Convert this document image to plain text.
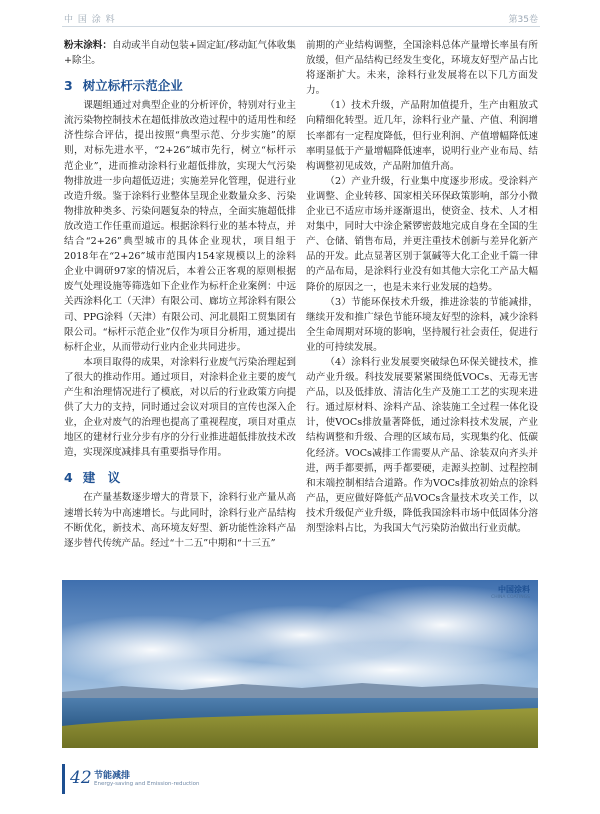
中 国 涂 料	第35卷

粉末涂料：自动或半自动包装+固定缸/移动缸气体收集+除尘。

3 树立标杆示范企业

课题组通过对典型企业的分析评价，特别对行业主流污染物控制技术在超低排放改造过程中的适用性和经济性综合评估，提出按照“典型示范、分步实施”的原则，对标先进水平，“2+26”城市先行，树立“标杆示范企业”，进而推动涂料行业超低排放，实现大气污染物排放进一步向超低迈进；实施差异化管理，促进行业改造升级。鉴于涂料行业整体呈现企业数量众多、污染物排放种类多、污染问题复杂的特点，全面实施超低排放改造工作任重而道远。根据涂料行业的基本特点，并结合“2+26”典型城市的具体企业现状，项目组于2018年在“2+26”城市范围内154家规模以上的涂料企业中调研97家的情况后，本着公正客观的原则根据废气处理设施等筛选如下企业作为标杆企业案例：中远关西涂料化工（天津）有限公司、廊坊立邦涂料有限公司、PPG涂料（天津）有限公司、河北晨阳工贸集团有限公司。“标杆示范企业”仅作为项目分析用，通过提出标杆企业，从而带动行业内企业共同进步。

本项目取得的成果，对涂料行业废气污染治理起到了很大的推动作用。通过项目，对涂料企业主要的废气产生和治理情况进行了模底，对以后的行业政策方向提供了大力的支持，同时通过会议对项目的宣传也深入企业，企业对废气的治理也提高了重视程度，项目对重点地区的建材行业分步有序的分行业推进超低排放技术改造，实现深度减排具有重要指导作用。

4 建　议

在产量基数逐步增大的背景下，涂料行业产量从高速增长转为中高速增长。与此同时，涂料行业产品结构不断优化，新技术、高环境友好型、新功能性涂料产品逐步替代传统产品。经过“十二五”中期和“十三五”

前期的产业结构调整，全国涂料总体产量增长率虽有所放缓，但产品结构已经发生变化，环境友好型产品占比将逐渐扩大。未来，涂料行业发展将在以下几方面发力。

（1）技术升级，产品附加值提升，生产由粗放式向精细化转型。近几年，涂料行业产量、产值、利润增长率都有一定程度降低，但行业利润、产值增幅降低速率明显低于产量增幅降低速率，说明行业产业布局、结构调整初见成效，产品附加值升高。

（2）产业升级，行业集中度逐步形成。受涂料产业调整、企业转移、国家相关环保政策影响，部分小微企业已不适应市场并逐渐退出，使资金、技术、人才相对集中，同时大中涂企紧锣密鼓地完成自身在全国的生产、仓储、销售布局，并更注重技术创新与差异化新产品的开发。此点显著区别于氯碱等大化工企业千篇一律的产品布局，是涂料行业没有如其他大宗化工产品大幅降价的原因之一，也是未来行业发展的趋势。

（3）节能环保技术升级，推进涂装的节能减排，继续开发和推广绿色节能环境友好型的涂料，减少涂料全生命周期对环境的影响，坚持履行社会责任，促进行业的可持续发展。

（4）涂料行业发展要突破绿色环保关键技术，推动产业升级。科技发展要紧紧围绕低VOCs、无毒无害产品，以及低排放、清洁化生产及施工工艺的实现来进行。通过原材料、涂料产品、涂装施工全过程一体化设计，使VOCs排放量著降低，通过涂料技术发展，产业结构调整和升级、合理的区域布局，实现集约化、低碳化经济。VOCs减排工作需要从产品、涂装双向齐头并进，两手都要抓，两手都要硬，走源头控制、过程控制和末端控制相结合道路。作为VOCs排放初始点的涂料产品，更应做好降低产品VOCs含量技术攻关工作，以技术升级促产业升级，降低我国涂料市场中低固体分溶剂型涂料占比，为我国大气污染防治做出行业贡献。

中国涂料
CHINA COATINGS
42 节能减排
Energy-saving and Emission-reduction
